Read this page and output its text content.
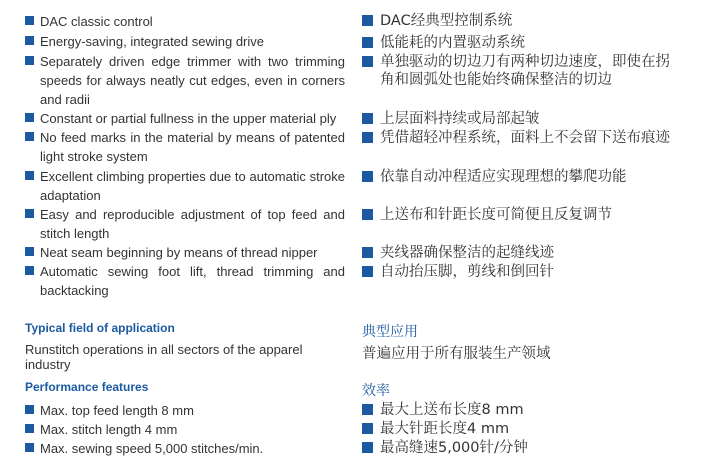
DAC classic control
Energy-saving, integrated sewing drive
Separately driven edge trimmer with two trimming speeds for always neatly cut edges, even in corners and radii
Constant or partial fullness in the upper material ply
No feed marks in the material by means of patented light stroke system
Excellent climbing properties due to automatic stroke adaptation
Easy and reproducible adjustment of top feed and stitch length
Neat seam beginning by means of thread nipper
Automatic sewing foot lift, thread trimming and backtacking
Typical field of application
Runstitch operations in all sectors of the apparel industry
Performance features
Max. top feed length 8 mm
Max. stitch length 4 mm
Max. sewing speed 5,000 stitches/min.
DAC经典型控制系统
低能耗的内置驱动系统
单独驱动的切边刀有两种切边速度，即使在拐角和圆弧处也能始终确保整洁的切边
上层面料持续或局部起皱
凭借超轻冲程系统，面料上不会留下送布痕迹
依靠自动冲程适应实现理想的攀爬功能
上送布和针距长度可简便且反复调节
夹线器确保整洁的起缝线迹
自动抬压脚，剪线和倒回针
典型应用
普遍应用于所有服装生产领域
效率
最大上送布长度8 mm
最大针距长度4 mm
最高缝速5,000针/分钟
